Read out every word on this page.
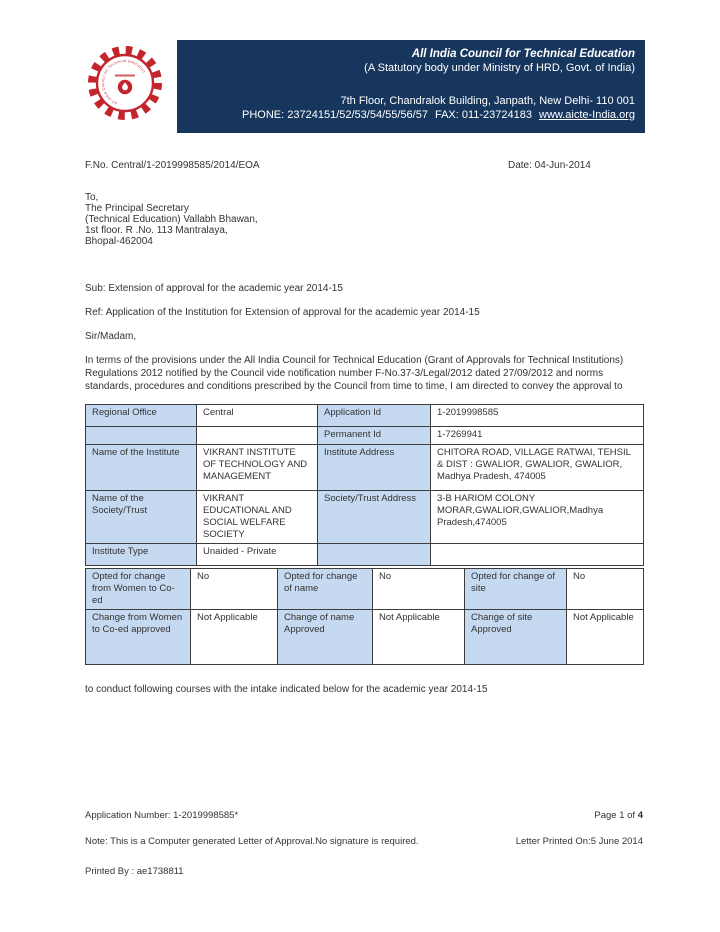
All India Council for Technical Education
All India Council for Technical Education
(A Statutory body under Ministry of HRD, Govt. of India)
7th Floor, Chandralok Building, Janpath, New Delhi- 110 001
PHONE: 23724151/52/53/54/55/56/57 FAX: 011-23724183 www.aicte-India.org
F.No. Central/1-2019998585/2014/EOA	Date: 04-Jun-2014
To,
The Principal Secretary
(Technical Education) Vallabh Bhawan,
1st floor. R .No. 113 Mantralaya,
Bhopal-462004
Sub: Extension of approval for the academic year 2014-15
Ref: Application of the Institution for Extension of approval for the academic year 2014-15
Sir/Madam,
In terms of the provisions under the All India Council for Technical Education (Grant of Approvals for Technical Institutions) Regulations 2012 notified by the Council vide notification number F-No.37-3/Legal/2012 dated 27/09/2012 and norms standards, procedures and conditions prescribed by the Council from time to time, I am directed to convey the approval to
Regional Office	Central	Application Id	1-2019998585
		Permanent Id	1-7269941
Name of the Institute	VIKRANT INSTITUTE OF TECHNOLOGY AND MANAGEMENT	Institute Address	CHITORA ROAD, VILLAGE RATWAI, TEHSIL & DIST : GWALIOR, GWALIOR, GWALIOR, Madhya Pradesh, 474005
Name of the Society/Trust	VIKRANT EDUCATIONAL AND SOCIAL WELFARE SOCIETY	Society/Trust Address	3-B HARIOM COLONY MORAR,GWALIOR,GWALIOR,Madhya Pradesh,474005
Institute Type	Unaided - Private		
Opted for change from Women to Co-ed	No	Opted for change of name	No	Opted for change of site	No
Change from Women to Co-ed approved	Not Applicable	Change of name Approved	Not Applicable	Change of site Approved	Not Applicable
to conduct following courses with the intake indicated below for the academic year 2014-15
Application Number: 1-2019998585*	Page 1 of 4
Note: This is a Computer generated Letter of Approval.No signature is required.	Letter Printed On:5 June 2014
Printed By : ae1738811
